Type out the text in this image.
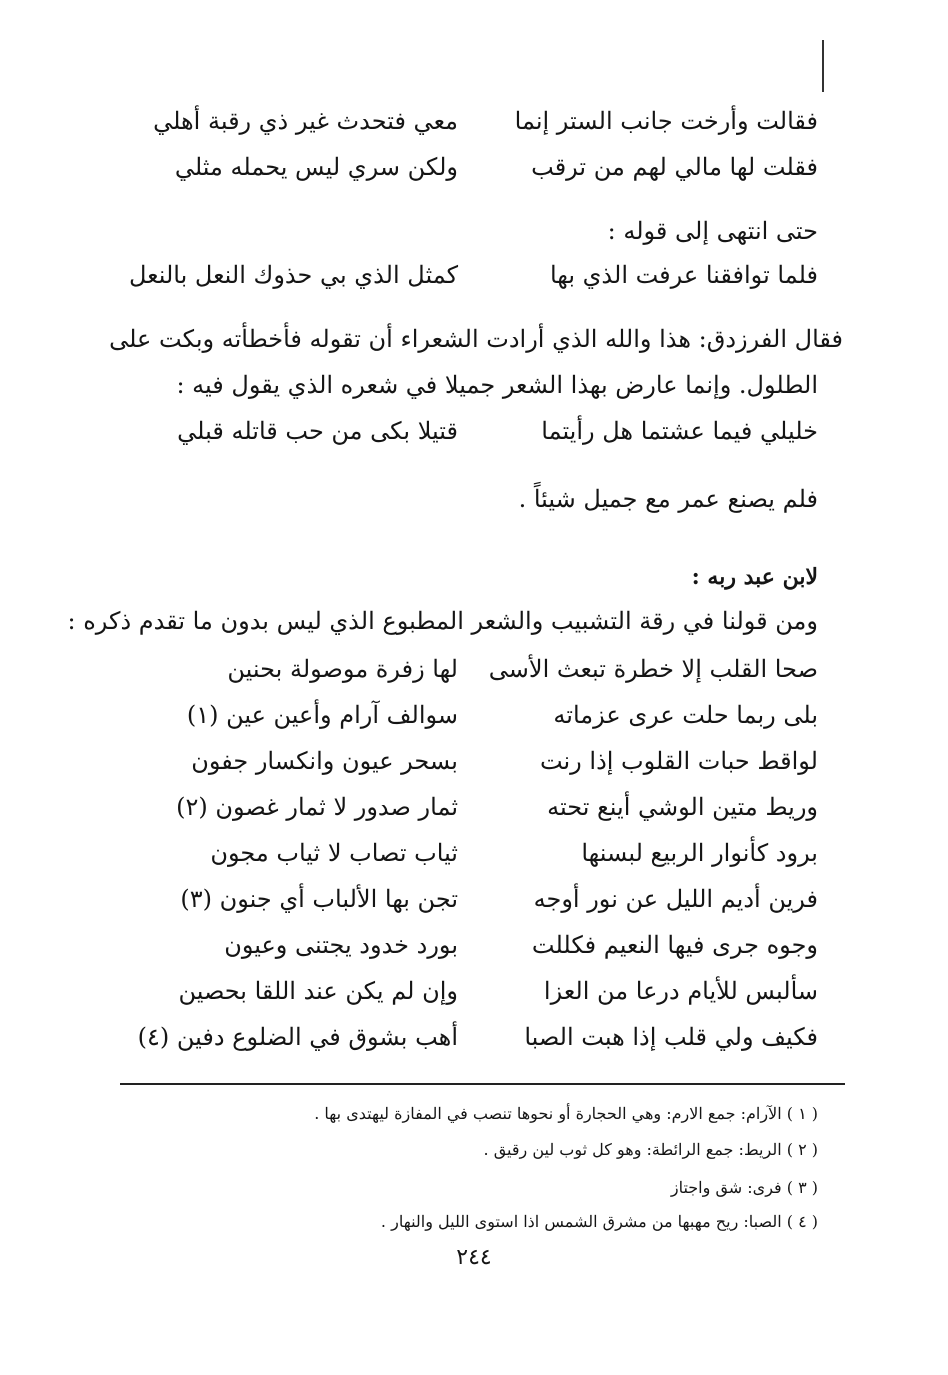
فقالت وأرخت جانب الستر إنما
معي فتحدث غير ذي رقبة أهلي
فقلت لها مالي لهم من ترقب
ولكن سري ليس يحمله مثلي
حتى انتهى إلى قوله :
فلما توافقنا عرفت الذي بها
كمثل الذي بي حذوك النعل بالنعل
فقال الفرزدق: هذا والله الذي أرادت الشعراء أن تقوله فأخطأته وبكت على
الطلول. وإنما عارض بهذا الشعر جميلا في شعره الذي يقول فيه :
خليلي فيما عشتما هل رأيتما
قتيلا بكى من حب قاتله قبلي
فلم يصنع عمر مع جميل شيئاً .
لابن عبد ربه :
ومن قولنا في رقة التشبيب والشعر المطبوع الذي ليس بدون ما تقدم ذكره :
صحا القلب إلا خطرة تبعث الأسى
لها زفرة موصولة بحنين
بلى ربما حلت عرى عزماته
سوالف آرام وأعين عين (١)
لواقط حبات القلوب إذا رنت
بسحر عيون وانكسار جفون
وريط متين الوشي أينع تحته
ثمار صدور لا ثمار غصون (٢)
برود كأنوار الربيع لبسنها
ثياب تصاب لا ثياب مجون
فرين أديم الليل عن نور أوجه
تجن بها الألباب أي جنون (٣)
وجوه جرى فيها النعيم فكللت
بورد خدود يجتنى وعيون
سألبس للأيام درعا من العزا
وإن لم يكن عند اللقا بحصين
فكيف ولي قلب إذا هبت الصبا
أهب بشوق في الضلوع دفين (٤)
( ١ ) الآرام: جمع الارم: وهي الحجارة أو نحوها تنصب في المفازة ليهتدى بها .
( ٢ ) الريط: جمع الرائطة: وهو كل ثوب لين رقيق .
( ٣ ) فرى: شق واجتاز
( ٤ ) الصبا: ريح مهبها من مشرق الشمس اذا استوى الليل والنهار .
٢٤٤
